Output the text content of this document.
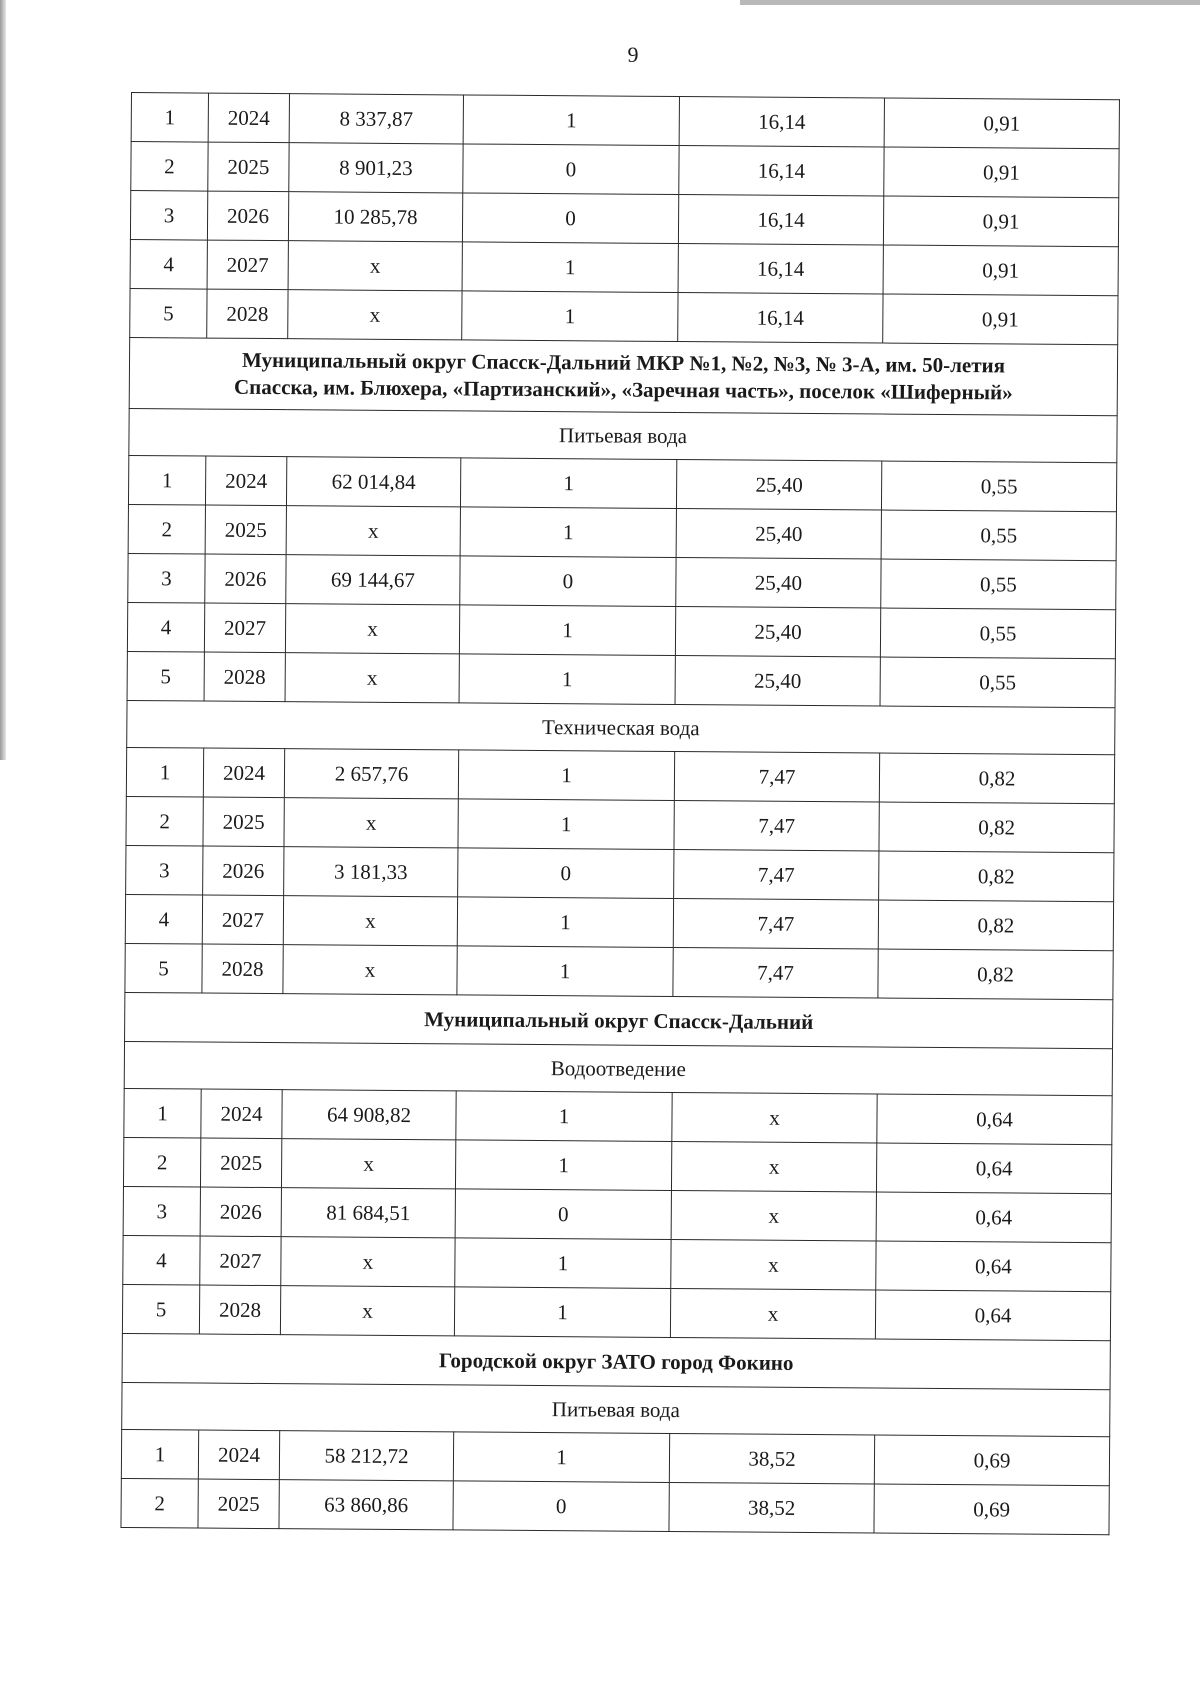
9
1	2024	8 337,87	1	16,14	0,91
2	2025	8 901,23	0	16,14	0,91
3	2026	10 285,78	0	16,14	0,91
4	2027	x	1	16,14	0,91
5	2028	x	1	16,14	0,91

Муниципальный округ Спасск-Дальний МКР №1, №2, №3, № 3-А, им. 50-летия
Спасска, им. Блюхера, «Партизанский», «Заречная часть», поселок «Шиферный»					

Питьевая вода					
1	2024	62 014,84	1	25,40	0,55
2	2025	x	1	25,40	0,55
3	2026	69 144,67	0	25,40	0,55
4	2027	x	1	25,40	0,55
5	2028	x	1	25,40	0,55
Техническая вода					
1	2024	2 657,76	1	7,47	0,82
2	2025	x	1	7,47	0,82
3	2026	3 181,33	0	7,47	0,82
4	2027	x	1	7,47	0,82
5	2028	x	1	7,47	0,82

Муниципальный округ Спасск-Дальний					

Водоотведение					
1	2024	64 908,82	1	x	0,64
2	2025	x	1	x	0,64
3	2026	81 684,51	0	x	0,64
4	2027	x	1	x	0,64
5	2028	x	1	x	0,64

Городской округ ЗАТО город Фокино					

Питьевая вода					
1	2024	58 212,72	1	38,52	0,69
2	2025	63 860,86	0	38,52	0,69
